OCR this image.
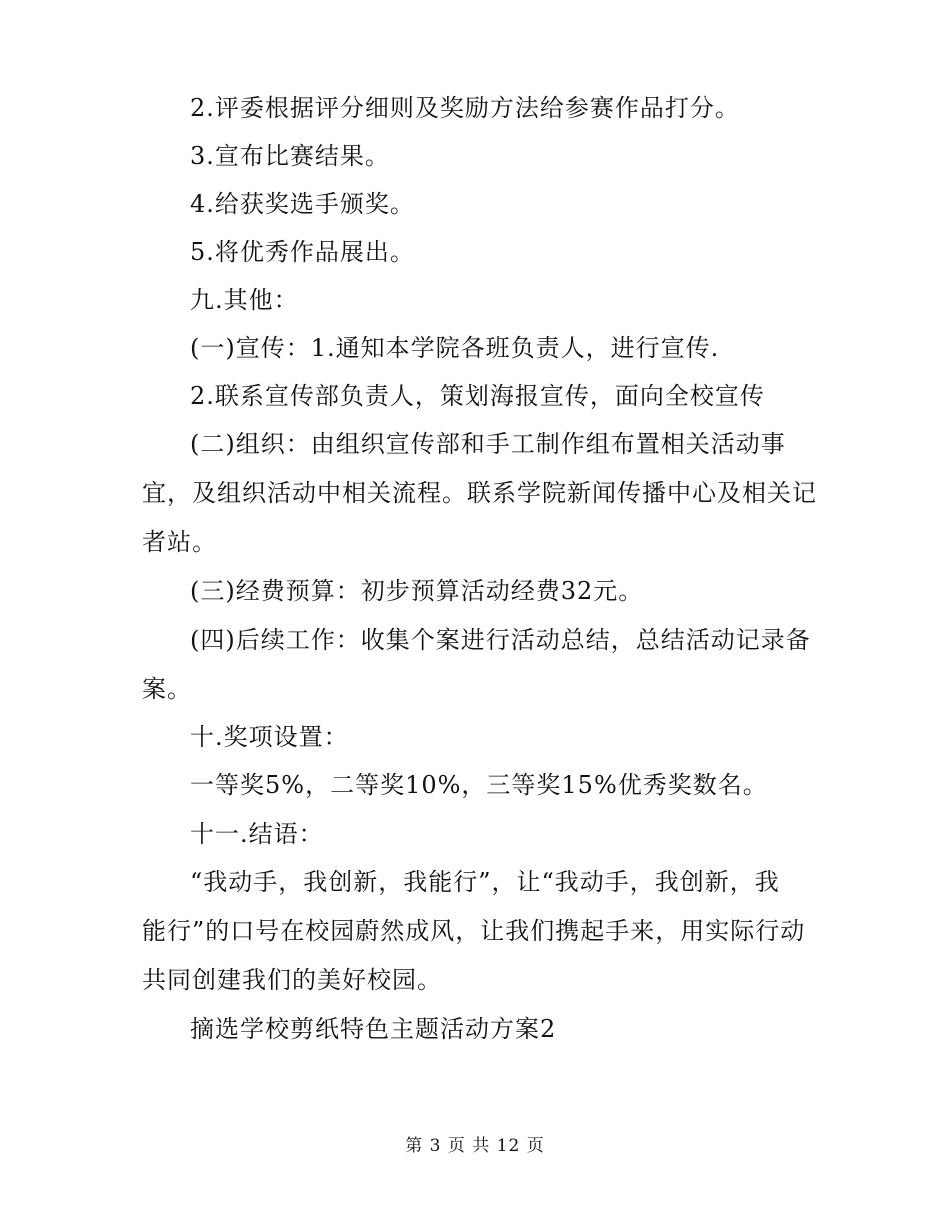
2.评委根据评分细则及奖励方法给参赛作品打分。
3.宣布比赛结果。
4.给获奖选手颁奖。
5.将优秀作品展出。
九.其他：
(一)宣传：1.通知本学院各班负责人，进行宣传.
2.联系宣传部负责人，策划海报宣传，面向全校宣传
(二)组织：由组织宣传部和手工制作组布置相关活动事
宜，及组织活动中相关流程。联系学院新闻传播中心及相关记
者站。
(三)经费预算：初步预算活动经费32元。
(四)后续工作：收集个案进行活动总结，总结活动记录备
案。
十.奖项设置：
一等奖5%，二等奖10%，三等奖15%优秀奖数名。
十一.结语：
“我动手，我创新，我能行”，让“我动手，我创新，我
能行”的口号在校园蔚然成风，让我们携起手来，用实际行动
共同创建我们的美好校园。
摘选学校剪纸特色主题活动方案2
第 3 页 共 12 页
